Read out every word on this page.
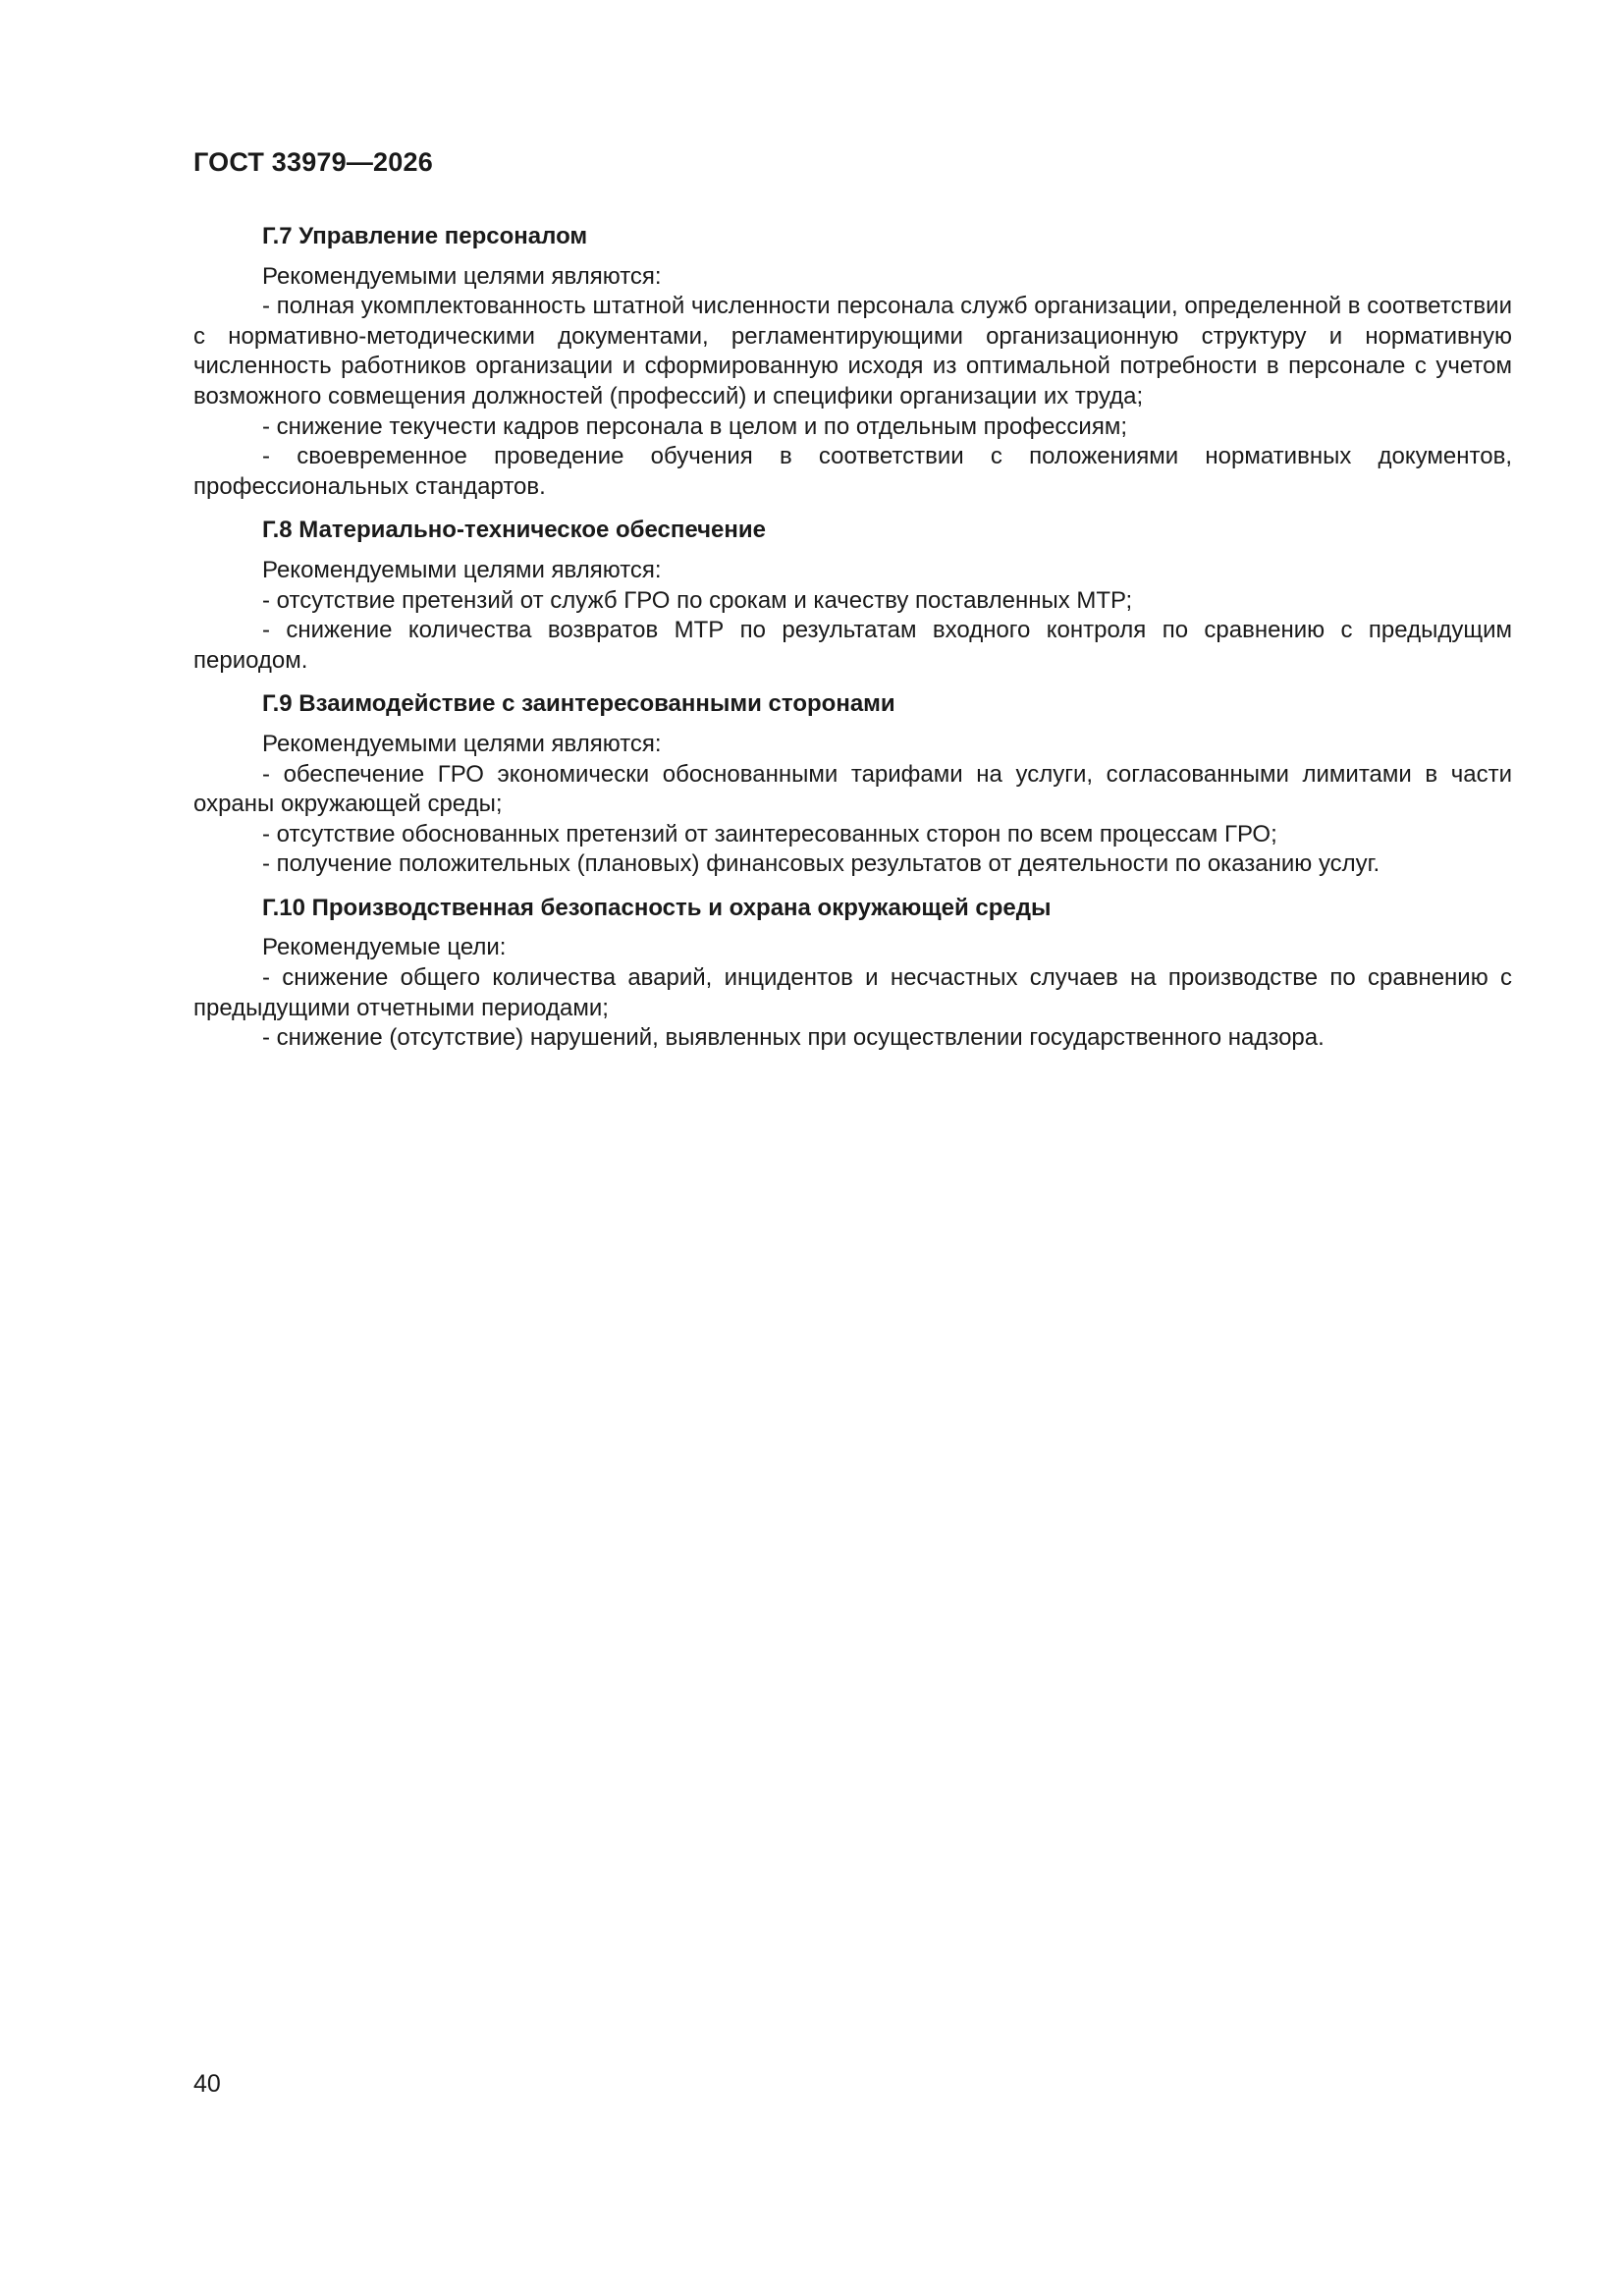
ГОСТ 33979—2026
Г.7 Управление персоналом

Рекомендуемыми целями являются:

- полная укомплектованность штатной численности персонала служб организации, определенной в соответствии с нормативно-методическими документами, регламентирующими организационную структуру и нормативную численность работников организации и сформированную исходя из оптимальной потребности в персонале с учетом возможного совмещения должностей (профессий) и специфики организации их труда;

- снижение текучести кадров персонала в целом и по отдельным профессиям;

- своевременное проведение обучения в соответствии с положениями нормативных документов, профессиональных стандартов.

Г.8 Материально-техническое обеспечение

Рекомендуемыми целями являются:

- отсутствие претензий от служб ГРО по срокам и качеству поставленных МТР;

- снижение количества возвратов МТР по результатам входного контроля по сравнению с предыдущим периодом.

Г.9 Взаимодействие с заинтересованными сторонами

Рекомендуемыми целями являются:

- обеспечение ГРО экономически обоснованными тарифами на услуги, согласованными лимитами в части охраны окружающей среды;

- отсутствие обоснованных претензий от заинтересованных сторон по всем процессам ГРО;

- получение положительных (плановых) финансовых результатов от деятельности по оказанию услуг.

Г.10 Производственная безопасность и охрана окружающей среды

Рекомендуемые цели:

- снижение общего количества аварий, инцидентов и несчастных случаев на производстве по сравнению с предыдущими отчетными периодами;

- снижение (отсутствие) нарушений, выявленных при осуществлении государственного надзора.

40
